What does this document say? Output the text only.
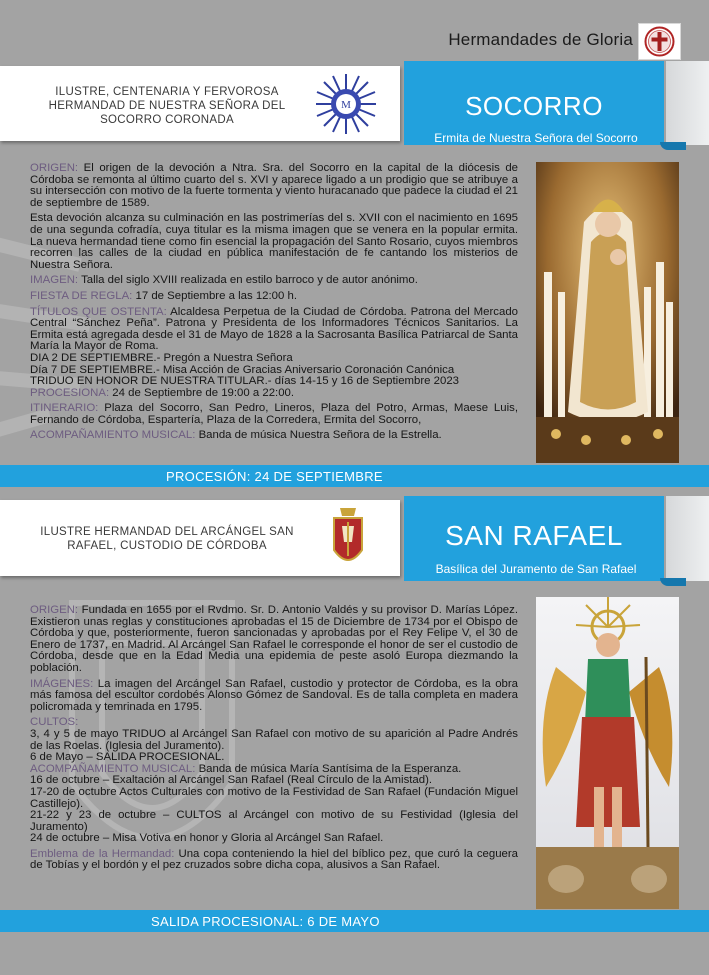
Hermandades de Gloria
ILUSTRE, CENTENARIA Y FERVOROSA HERMANDAD DE NUESTRA SEÑORA DEL SOCORRO CORONADA
M	SOCORRO
Ermita de Nuestra Señora del Socorro

ORIGEN: El origen de la devoción a Ntra. Sra. del Socorro en la capital de la diócesis de Córdoba se remonta al último cuarto del s. XVI y aparece ligado a un prodigio que se atribuye a su intersección con motivo de la fuerte tormenta y viento huracanado que padece la ciudad el 21 de septiembre de 1589.

Esta devoción alcanza su culminación en las postrimerías del s. XVII con el nacimiento en 1695 de una segunda cofradía, cuya titular es la misma imagen que se venera en la popular ermita. La nueva hermandad tiene como fin esencial la propagación del Santo Rosario, cuyos miembros recorren las calles de la ciudad en pública manifestación de fe cantando los misterios de Nuestra Señora.

IMAGEN: Talla del siglo XVIII realizada en estilo barroco y de autor anónimo.

FIESTA DE REGLA: 17 de Septiembre a las 12:00 h.

TÍTULOS QUE OSTENTA: Alcaldesa Perpetua de la Ciudad de Córdoba. Patrona del Mercado Central “Sánchez Peña”. Patrona y Presidenta de los Informadores Técnicos Sanitarios. La Ermita está agregada desde el 31 de Mayo de 1828 a la Sacrosanta Basílica Patriarcal de Santa María la Mayor de Roma.

DIA 2 DE SEPTIEMBRE.- Pregón a Nuestra Señora

Día 7 DE SEPTIEMBRE.- Misa Acción de Gracias Aniversario Coronación Canónica

TRIDUO EN HONOR DE NUESTRA TITULAR.- días 14-15 y 16 de Septiembre 2023

PROCESIONA: 24 de Septiembre de 19:00 a 22:00.

ITINERARIO: Plaza del Socorro, San Pedro, Lineros, Plaza del Potro, Armas, Maese Luis, Fernando de Córdoba, Espartería, Plaza de la Corredera, Ermita del Socorro,

ACOMPAÑAMIENTO MUSICAL: Banda de música Nuestra Señora de la Estrella.

PROCESIÓN: 24 DE SEPTIEMBRE
ILUSTRE HERMANDAD DEL ARCÁNGEL SAN RAFAEL, CUSTODIO DE CÓRDOBA	SAN RAFAEL
Basílica del Juramento de San Rafael

ORIGEN: Fundada en 1655 por el Rvdmo. Sr. D. Antonio Valdés y su provisor D. Marías López. Existieron unas reglas y constituciones aprobadas el 15 de Diciembre de 1734 por el Obispo de Córdoba y que, posteriormente, fueron sancionadas y aprobadas por el Rey Felipe V, el 30 de Enero de 1737, en Madrid. Al Arcángel San Rafael le corresponde el honor de ser el custodio de Córdoba, desde que en la Edad Media una epidemia de peste asoló Europa diezmando la población.

IMÁGENES: La imagen del Arcángel San Rafael, custodio y protector de Córdoba, es la obra más famosa del escultor cordobés Alonso Gómez de Sandoval. Es de talla completa en madera policromada y temrinada en 1795.

CULTOS:

3, 4 y 5 de mayo TRIDUO al Arcángel San Rafael con motivo de su aparición al Padre Andrés de las Roelas. (Iglesia del Juramento).

6 de Mayo – SALIDA PROCESIONAL.

ACOMPAÑAMIENTO MUSICAL: Banda de música María Santísima de la Esperanza.

16 de octubre – Exaltación al Arcángel San Rafael (Real Círculo de la Amistad).

17-20 de octubre Actos Culturales con motivo de la Festividad de San Rafael (Fundación Miguel Castillejo).

21-22 y 23 de octubre – CULTOS al Arcángel con motivo de su Festividad (Iglesia del Juramento)

24 de octubre – Misa Votiva en honor y Gloria al Arcángel San Rafael.

Emblema de la Hermandad: Una copa conteniendo la hiel del bíblico pez, que curó la ceguera de Tobías y el bordón y el pez cruzados sobre dicha copa, alusivos a San Rafael.

SALIDA PROCESIONAL: 6 DE MAYO
